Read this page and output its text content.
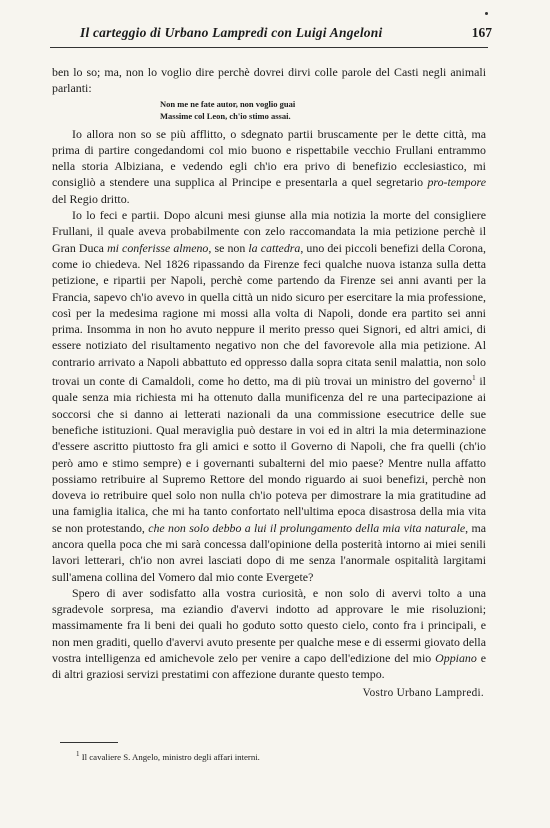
Il carteggio di Urbano Lampredi con Luigi Angeloni	167

ben lo so; ma, non lo voglio dire perchè dovrei dirvi colle parole del Casti negli animali parlanti:

Non me ne fate autor, non voglio guai
Massime col Leon, ch'io stimo assai.

Io allora non so se più afflitto, o sdegnato partii bruscamente per le dette città, ma prima di partire congedandomi col mio buono e rispettabile vecchio Frullani entrammo nella storia Albiziana, e vedendo egli ch'io era privo di benefizio ecclesiastico, mi consigliò a stendere una supplica al Principe e presentarla a quel segretario pro-tempore del Regio dritto.

Io lo feci e partii. Dopo alcuni mesi giunse alla mia notizia la morte del consigliere Frullani, il quale aveva probabilmente con zelo raccomandata la mia petizione perchè il Gran Duca mi conferisse almeno, se non la cattedra, uno dei piccoli benefizi della Corona, come io chiedeva. Nel 1826 ripassando da Firenze feci qualche nuova istanza sulla detta petizione, e ripartii per Napoli, perchè come partendo da Firenze sei anni avanti per la Francia, sapevo ch'io avevo in quella città un nido sicuro per esercitare la mia professione, così per la medesima ragione mi mossi alla volta di Napoli, donde era partito sei anni prima. Insomma in non ho avuto neppure il merito presso quei Signori, ed altri amici, di essere notiziato del risultamento negativo non che del favorevole alla mia petizione. Al contrario arrivato a Napoli abbattuto ed oppresso dalla sopra citata senil malattia, non solo trovai un conte di Camaldoli, come ho detto, ma di più trovai un ministro del governo$^1$ il quale senza mia richiesta mi ha ottenuto dalla munificenza del re una partecipazione ai soccorsi che si danno ai letterati nazionali da una commissione esecutrice delle sue benefiche istituzioni. Qual meraviglia può destare in voi ed in altri la mia determinazione d'essere ascritto piuttosto fra gli amici e sotto il Governo di Napoli, che fra quelli (ch'io però amo e stimo sempre) e i governanti subalterni del mio paese? Mentre nulla affatto possiamo retribuire al Supremo Rettore del mondo riguardo ai suoi benefizi, perchè non doveva io retribuire quel solo non nulla ch'io poteva per dimostrare la mia gratitudine ad una famiglia italica, che mi ha tanto confortato nell'ultima epoca disastrosa della mia vita se non protestando, che non solo debbo a lui il prolungamento della mia vita naturale, ma ancora quella poca che mi sarà concessa dall'opinione della posterità intorno ai miei senili lavori letterari, ch'io non avrei lasciati dopo di me senza l'anormale ospitalità largitami sull'amena collina del Vomero dal mio conte Evergete?

Spero di aver sodisfatto alla vostra curiosità, e non solo di avervi tolto a una sgradevole sorpresa, ma eziandio d'avervi indotto ad approvare le mie risoluzioni; massimamente fra li beni dei quali ho goduto sotto questo cielo, conto fra i principali, e non men graditi, quello d'avervi avuto presente per qualche mese e di essermi giovato della vostra intelligenza ed amichevole zelo per venire a capo dell'edizione del mio Oppiano e di altri graziosi servizi prestatimi con affezione durante questo tempo.

Vostro Urbano Lampredi.
$^1$ Il cavaliere S. Angelo, ministro degli affari interni.
